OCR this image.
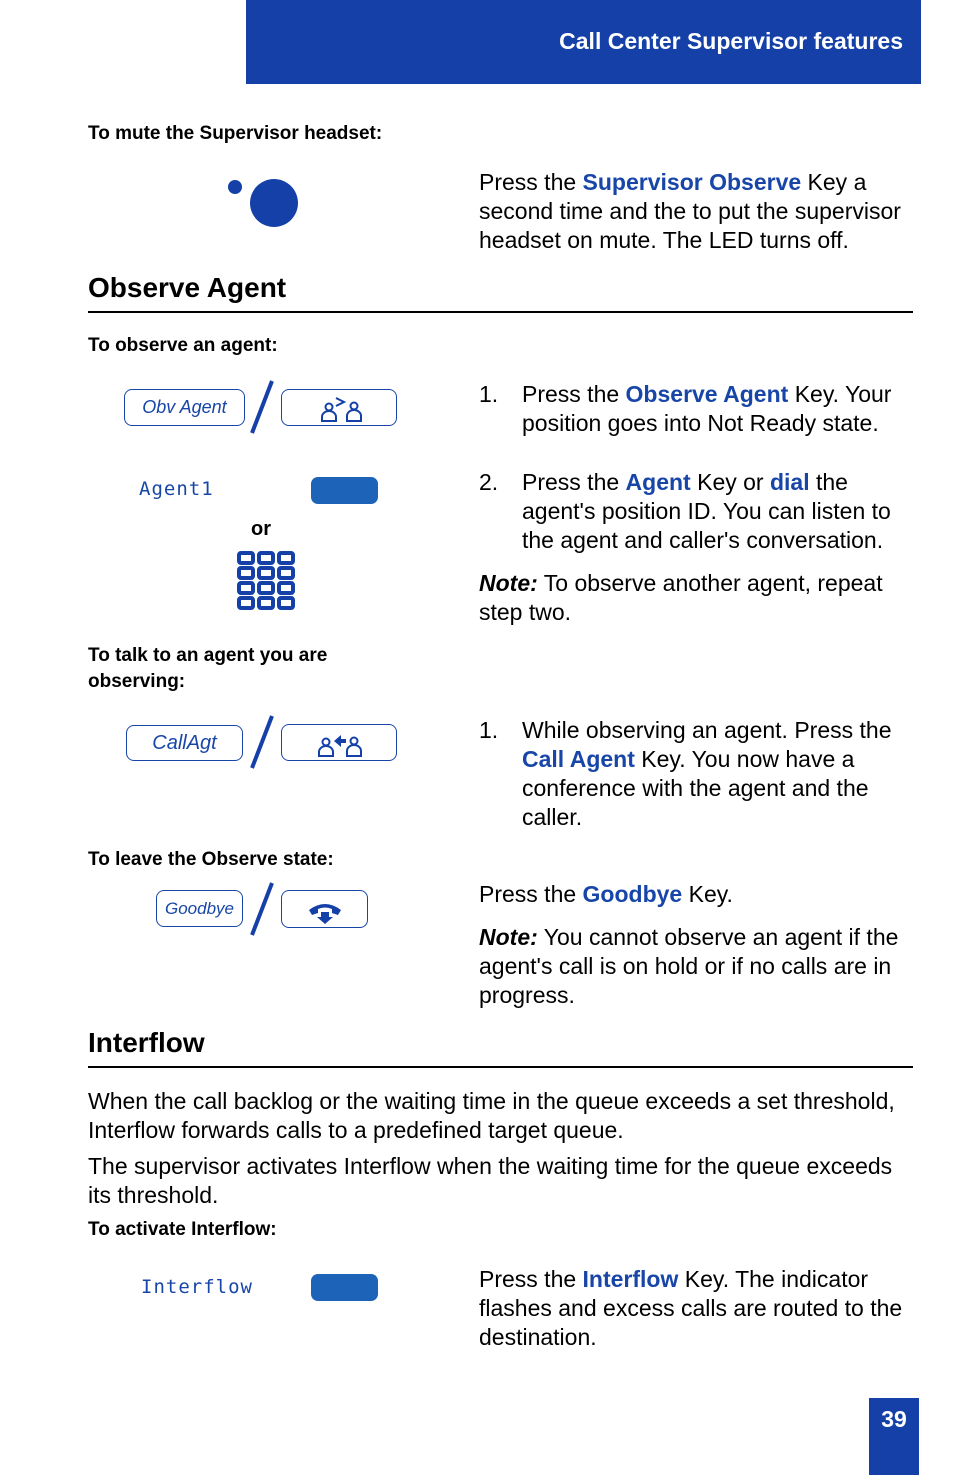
Call Center Supervisor features
To mute the Supervisor headset:
Press the Supervisor Observe Key a second time and the to put the supervisor headset on mute. The LED turns off.
Observe Agent
To observe an agent:
Obv Agent
Agent1
or
1. Press the Observe Agent Key. Your position goes into Not Ready state.
2. Press the Agent Key or dial the agent's position ID. You can listen to the agent and caller's conversation.
Note: To observe another agent, repeat step two.
To talk to an agent you are observing:
CallAgt	1. While observing an agent. Press the Call Agent Key. You now have a conference with the agent and the caller.
To leave the Observe state:
Goodbye
Press the Goodbye Key.
Note: You cannot observe an agent if the agent's call is on hold or if no calls are in progress.
Interflow
When the call backlog or the waiting time in the queue exceeds a set threshold, Interflow forwards calls to a predefined target queue.
The supervisor activates Interflow when the waiting time for the queue exceeds its threshold.
To activate Interflow:
Interflow	Press the Interflow Key. The indicator flashes and excess calls are routed to the destination.
39
